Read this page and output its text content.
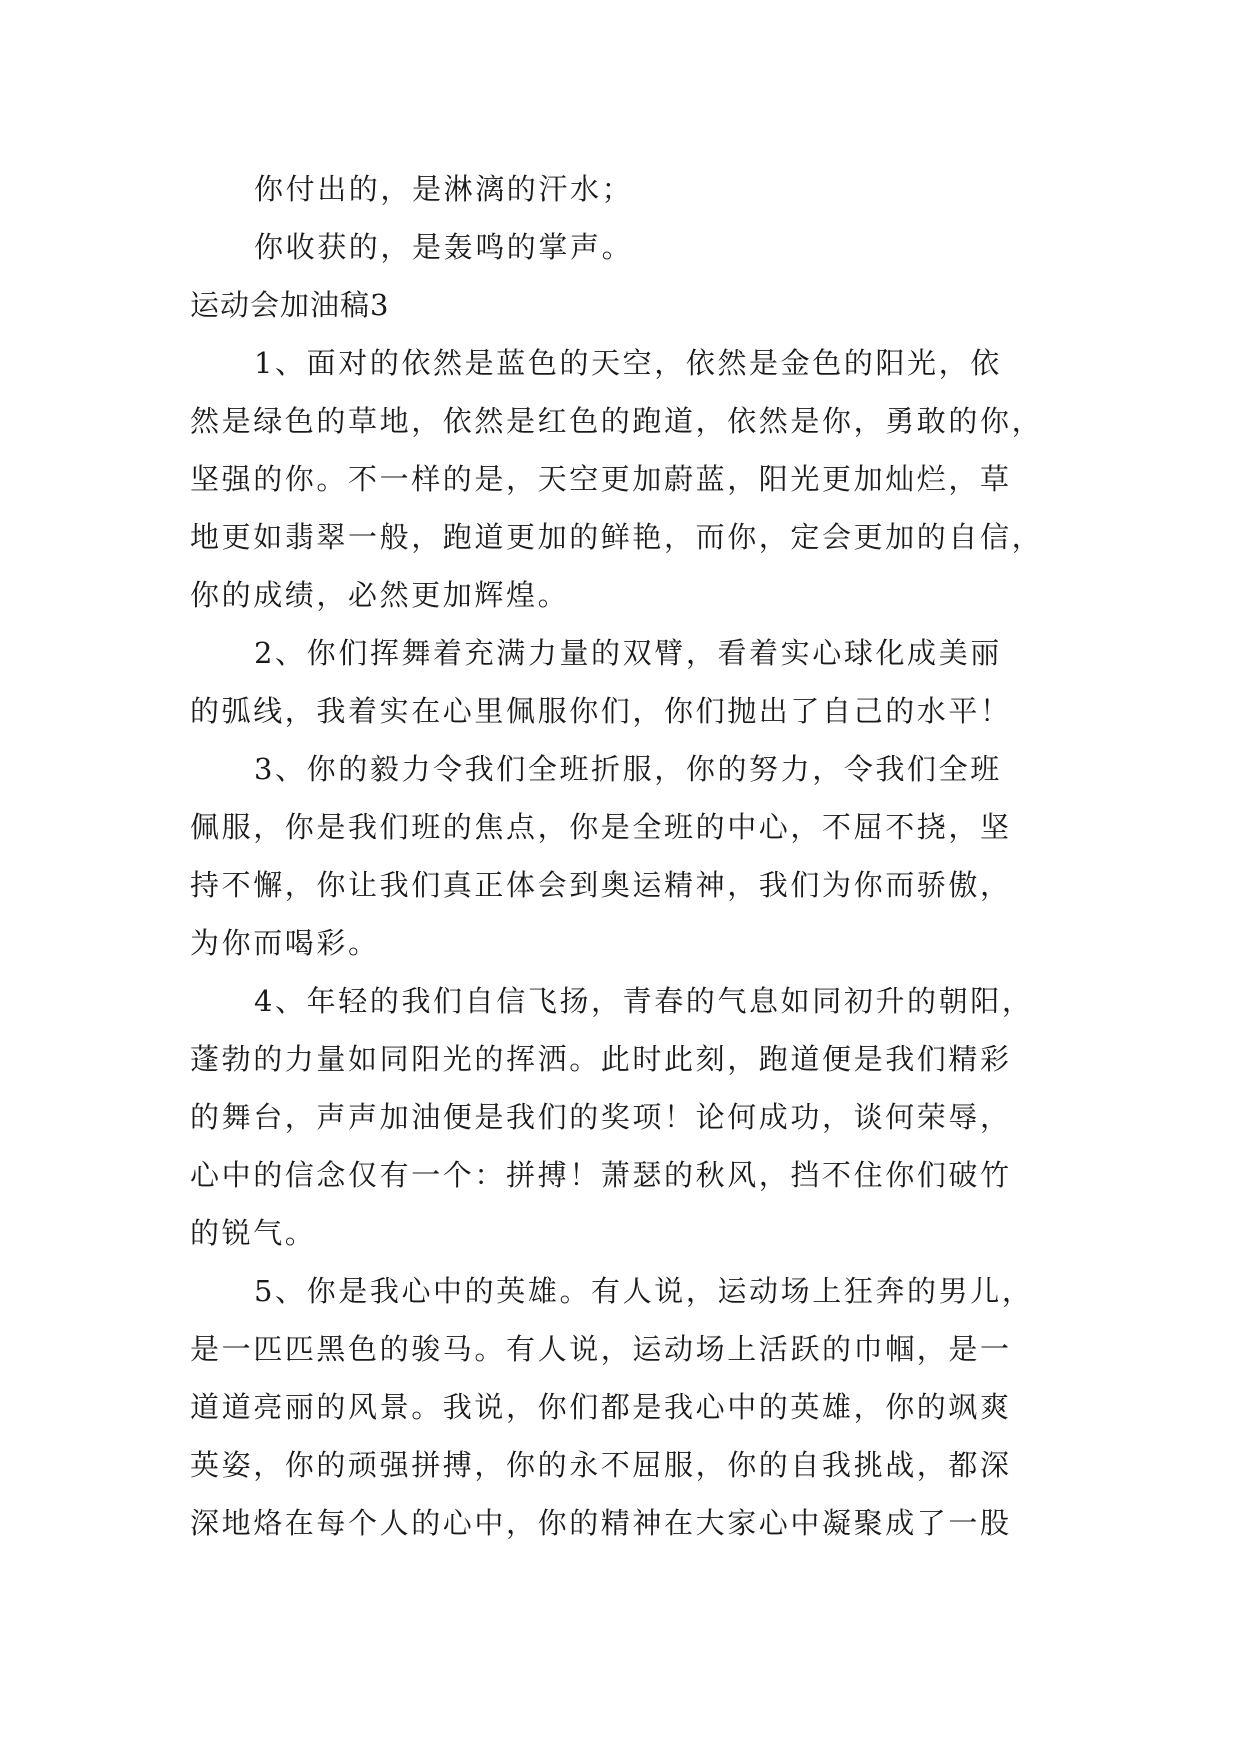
你付出的，是淋漓的汗水；
你收获的，是轰鸣的掌声。
运动会加油稿3
1、面对的依然是蓝色的天空，依然是金色的阳光，依
然是绿色的草地，依然是红色的跑道，依然是你，勇敢的你，
坚强的你。不一样的是，天空更加蔚蓝，阳光更加灿烂，草
地更如翡翠一般，跑道更加的鲜艳，而你，定会更加的自信，
你的成绩，必然更加辉煌。
2、你们挥舞着充满力量的双臂，看着实心球化成美丽
的弧线，我着实在心里佩服你们，你们抛出了自己的水平！
3、你的毅力令我们全班折服，你的努力，令我们全班
佩服，你是我们班的焦点，你是全班的中心，不屈不挠，坚
持不懈，你让我们真正体会到奥运精神，我们为你而骄傲，
为你而喝彩。
4、年轻的我们自信飞扬，青春的气息如同初升的朝阳，
蓬勃的力量如同阳光的挥洒。此时此刻，跑道便是我们精彩
的舞台，声声加油便是我们的奖项！论何成功，谈何荣辱，
心中的信念仅有一个：拼搏！萧瑟的秋风，挡不住你们破竹
的锐气。
5、你是我心中的英雄。有人说，运动场上狂奔的男儿，
是一匹匹黑色的骏马。有人说，运动场上活跃的巾帼，是一
道道亮丽的风景。我说，你们都是我心中的英雄，你的飒爽
英姿，你的顽强拼搏，你的永不屈服，你的自我挑战，都深
深地烙在每个人的心中，你的精神在大家心中凝聚成了一股
